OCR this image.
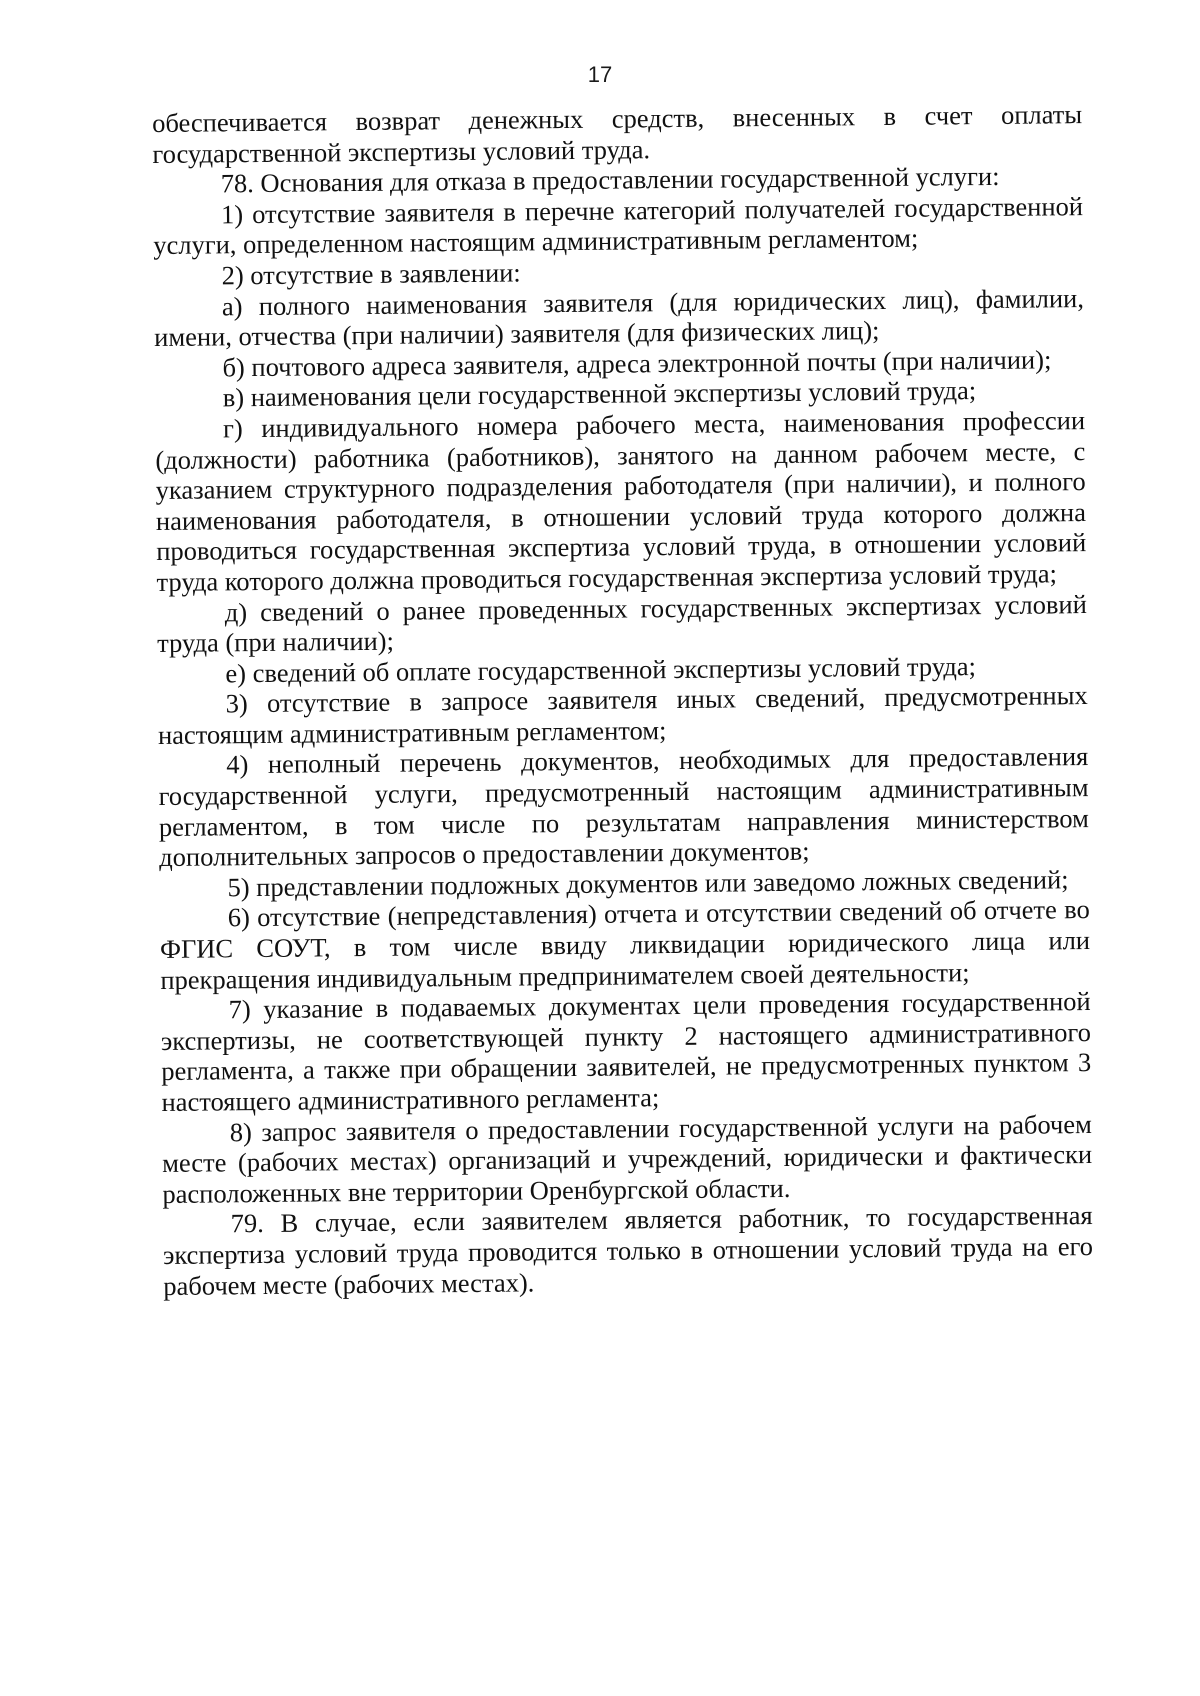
17

обеспечивается возврат денежных средств, внесенных в счет оплаты государственной экспертизы условий труда.

78. Основания для отказа в предоставлении государственной услуги:

1) отсутствие заявителя в перечне категорий получателей государственной услуги, определенном настоящим административным регламентом;

2) отсутствие в заявлении:

а) полного наименования заявителя (для юридических лиц), фамилии, имени, отчества (при наличии) заявителя (для физических лиц);

б) почтового адреса заявителя, адреса электронной почты (при наличии);

в) наименования цели государственной экспертизы условий труда;

г) индивидуального номера рабочего места, наименования профессии (должности) работника (работников), занятого на данном рабочем месте, с указанием структурного подразделения работодателя (при наличии), и полного наименования работодателя, в отношении условий труда которого должна проводиться государственная экспертиза условий труда, в отношении условий труда которого должна проводиться государственная экспертиза условий труда;

д) сведений о ранее проведенных государственных экспертизах условий труда (при наличии);

е) сведений об оплате государственной экспертизы условий труда;

3) отсутствие в запросе заявителя иных сведений, предусмотренных настоящим административным регламентом;

4) неполный перечень документов, необходимых для предоставления государственной услуги, предусмотренный настоящим административным регламентом, в том числе по результатам направления министерством дополнительных запросов о предоставлении документов;

5) представлении подложных документов или заведомо ложных сведений;

6) отсутствие (непредставления) отчета и отсутствии сведений об отчете во ФГИС СОУТ, в том числе ввиду ликвидации юридического лица или прекращения индивидуальным предпринимателем своей деятельности;

7) указание в подаваемых документах цели проведения государственной экспертизы, не соответствующей пункту 2 настоящего административного регламента, а также при обращении заявителей, не предусмотренных пунктом 3 настоящего административного регламента;

8) запрос заявителя о предоставлении государственной услуги на рабочем месте (рабочих местах) организаций и учреждений, юридически и фактически расположенных вне территории Оренбургской области.

79. В случае, если заявителем является работник, то государственная экспертиза условий труда проводится только в отношении условий труда на его рабочем месте (рабочих местах).
